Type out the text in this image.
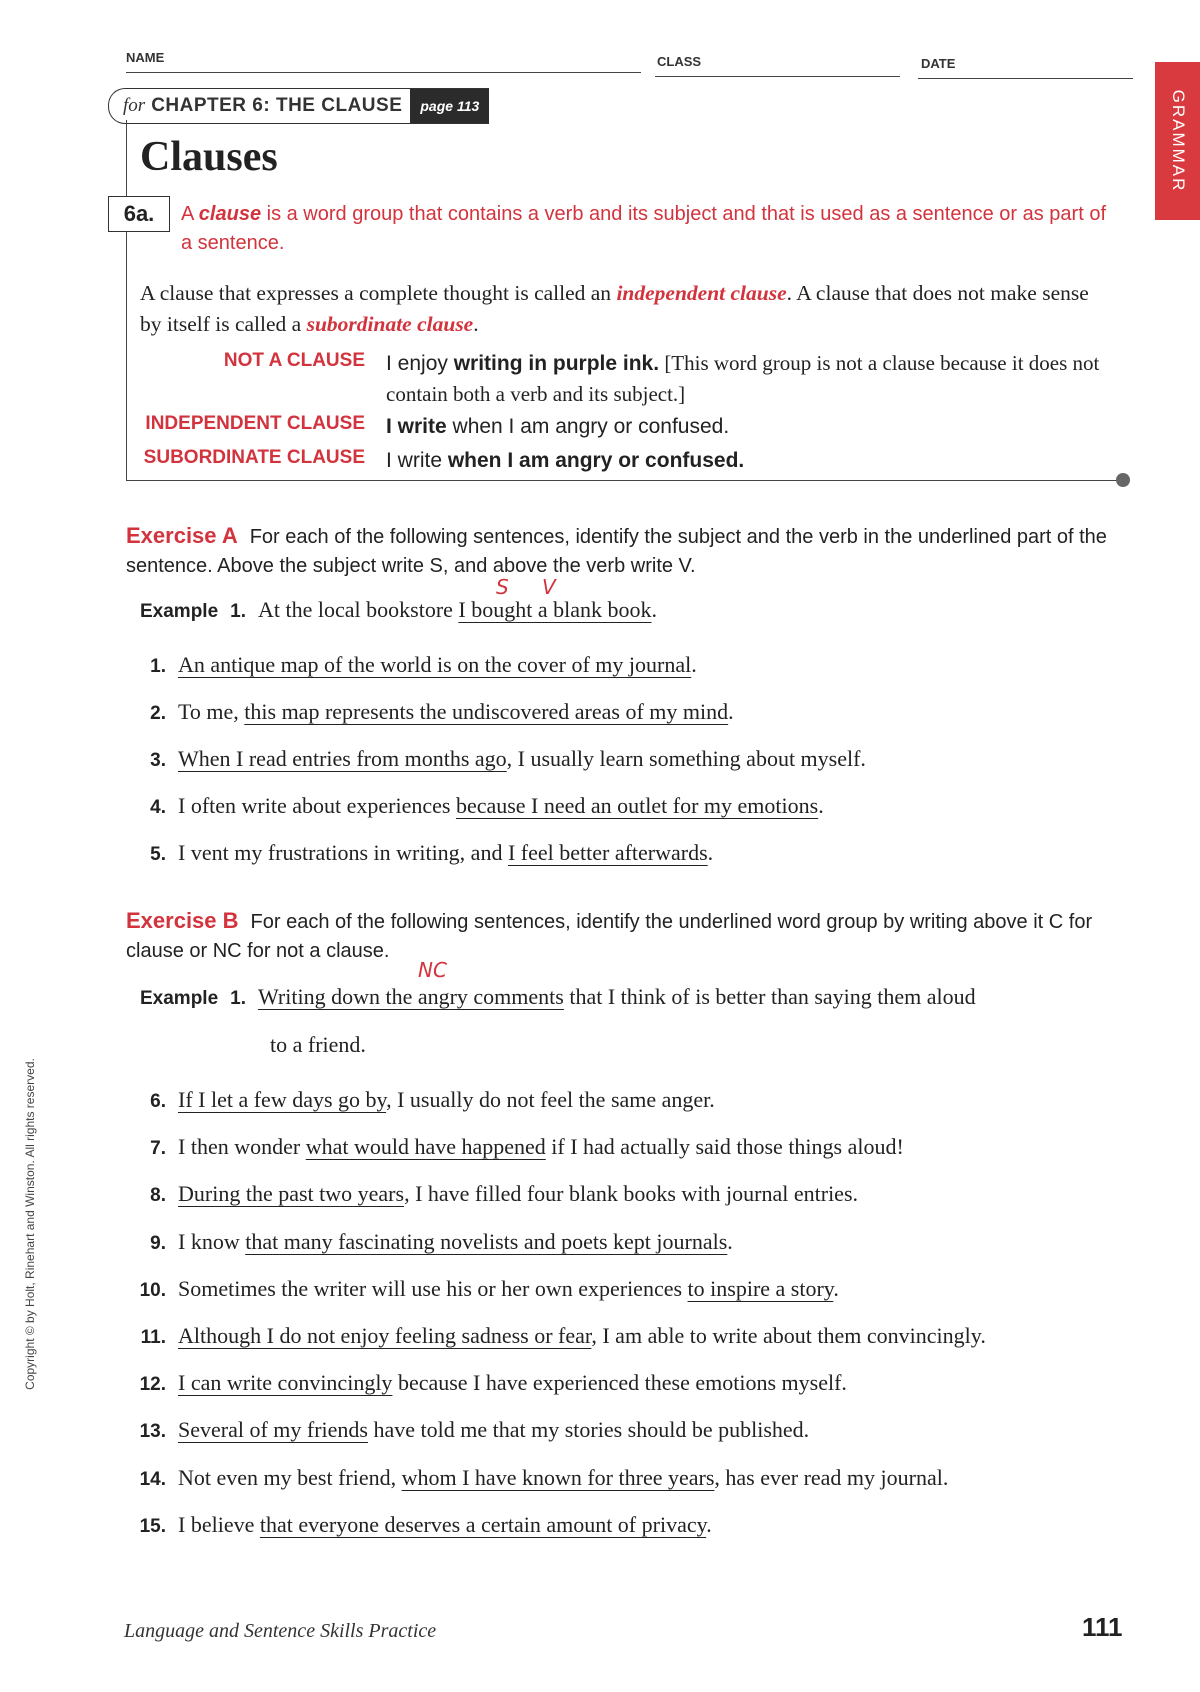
NAME	CLASS	DATE
GRAMMAR
for CHAPTER 6: THE CLAUSE	page 113
Clauses
6a.	A clause is a word group that contains a verb and its subject and that is used as a sentence or as part of a sentence.
A clause that expresses a complete thought is called an independent clause. A clause that does not make sense by itself is called a subordinate clause.
NOT A CLAUSE I enjoy writing in purple ink. [This word group is not a clause because it does not contain both a verb and its subject.]
INDEPENDENT CLAUSE I write when I am angry or confused.
SUBORDINATE CLAUSE I write when I am angry or confused.
Exercise A For each of the following sentences, identify the subject and the verb in the underlined part of the sentence. Above the subject write S, and above the verb write V.
S V
Example 1. At the local bookstore I bought a blank book.
1. An antique map of the world is on the cover of my journal.
2. To me, this map represents the undiscovered areas of my mind.
3. When I read entries from months ago, I usually learn something about myself.
4. I often write about experiences because I need an outlet for my emotions.
5. I vent my frustrations in writing, and I feel better afterwards.
Exercise B For each of the following sentences, identify the underlined word group by writing above it C for clause or NC for not a clause.
NC
Example 1. Writing down the angry comments that I think of is better than saying them aloud
to a friend.
6. If I let a few days go by, I usually do not feel the same anger.
7. I then wonder what would have happened if I had actually said those things aloud!
8. During the past two years, I have filled four blank books with journal entries.
9. I know that many fascinating novelists and poets kept journals.
10. Sometimes the writer will use his or her own experiences to inspire a story.
11. Although I do not enjoy feeling sadness or fear, I am able to write about them convincingly.
12. I can write convincingly because I have experienced these emotions myself.
13. Several of my friends have told me that my stories should be published.
14. Not even my best friend, whom I have known for three years, has ever read my journal.
15. I believe that everyone deserves a certain amount of privacy.
Copyright © by Holt, Rinehart and Winston. All rights reserved.
Language and Sentence Skills Practice	111
